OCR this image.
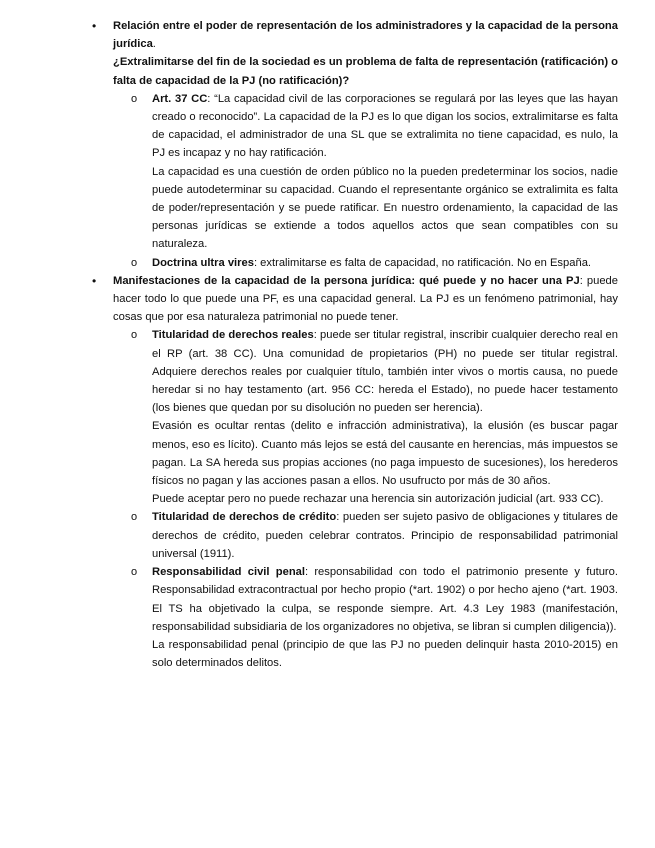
• Relación entre el poder de representación de los administradores y la capacidad de la persona jurídica.

¿Extralimitarse del fin de la sociedad es un problema de falta de representación (ratificación) o falta de capacidad de la PJ (no ratificación)?

o Art. 37 CC: “La capacidad civil de las corporaciones se regulará por las leyes que las hayan creado o reconocido”. La capacidad de la PJ es lo que digan los socios, extralimitarse es falta de capacidad, el administrador de una SL que se extralimita no tiene capacidad, es nulo, la PJ es incapaz y no hay ratificación.

La capacidad es una cuestión de orden público no la pueden predeterminar los socios, nadie puede autodeterminar su capacidad. Cuando el representante orgánico se extralimita es falta de poder/representación y se puede ratificar. En nuestro ordenamiento, la capacidad de las personas jurídicas se extiende a todos aquellos actos que sean compatibles con su naturaleza.

o Doctrina ultra vires: extralimitarse es falta de capacidad, no ratificación. No en España.

• Manifestaciones de la capacidad de la persona jurídica: qué puede y no hacer una PJ: puede hacer todo lo que puede una PF, es una capacidad general. La PJ es un fenómeno patrimonial, hay cosas que por esa naturaleza patrimonial no puede tener.

o Titularidad de derechos reales: puede ser titular registral, inscribir cualquier derecho real en el RP (art. 38 CC). Una comunidad de propietarios (PH) no puede ser titular registral. Adquiere derechos reales por cualquier título, también inter vivos o mortis causa, no puede heredar si no hay testamento (art. 956 CC: hereda el Estado), no puede hacer testamento (los bienes que quedan por su disolución no pueden ser herencia).

Evasión es ocultar rentas (delito e infracción administrativa), la elusión (es buscar pagar menos, eso es lícito). Cuanto más lejos se está del causante en herencias, más impuestos se pagan. La SA hereda sus propias acciones (no paga impuesto de sucesiones), los herederos físicos no pagan y las acciones pasan a ellos. No usufructo por más de 30 años.

Puede aceptar pero no puede rechazar una herencia sin autorización judicial (art. 933 CC).

o Titularidad de derechos de crédito: pueden ser sujeto pasivo de obligaciones y titulares de derechos de crédito, pueden celebrar contratos. Principio de responsabilidad patrimonial universal (1911).

o Responsabilidad civil penal: responsabilidad con todo el patrimonio presente y futuro. Responsabilidad extracontractual por hecho propio (*art. 1902) o por hecho ajeno (*art. 1903. El TS ha objetivado la culpa, se responde siempre. Art. 4.3 Ley 1983 (manifestación, responsabilidad subsidiaria de los organizadores no objetiva, se libran si cumplen diligencia)).

La responsabilidad penal (principio de que las PJ no pueden delinquir hasta 2010-2015) en solo determinados delitos.
